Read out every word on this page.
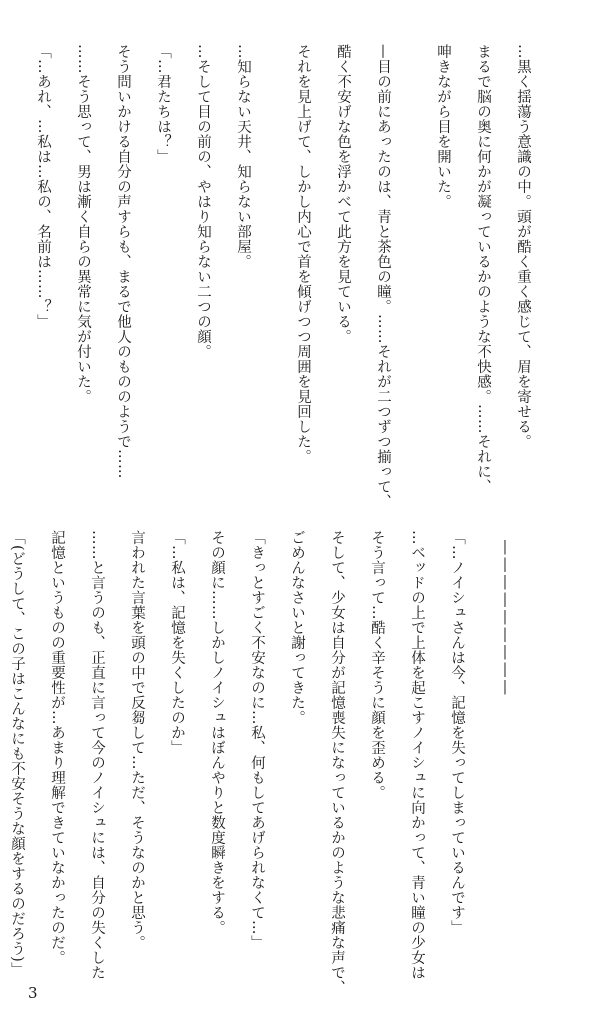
…黒く揺蕩う意識の中。頭が酷く重く感じて、眉を寄せる。
まるで脳の奥に何かが凝っているかのような不快感。……それに、
呻きながら目を開いた。
—目の前にあったのは、青と茶色の瞳。……それが二つずつ揃って、
酷く不安げな色を浮かべて此方を見ている。
それを見上げて、しかし内心で首を傾げつつ周囲を見回した。
…知らない天井、知らない部屋。
…そして目の前の、やはり知らない二つの顔。
「…君たちは？」
そう問いかける自分の声すらも、まるで他人のもののようで……
……そう思って、男は漸く自らの異常に気が付いた。
「…あれ、…私は…私の、名前は……？」
―――――――――
「…ノイシュさんは今、記憶を失ってしまっているんです」
…ベッドの上で上体を起こすノイシュに向かって、青い瞳の少女は
そう言って…酷く辛そうに顔を歪める。
そして、少女は自分が記憶喪失になっているかのような悲痛な声で、
ごめんなさいと謝ってきた。
「きっとすごく不安なのに…私、何もしてあげられなくて…」
その顔に……しかしノイシュはぼんやりと数度瞬きをする。
「…私は、記憶を失くしたのか」
言われた言葉を頭の中で反芻して…ただ、そうなのかと思う。
……と言うのも、正直に言って今のノイシュには、自分の失くした
記憶というものの重要性が…あまり理解できていなかったのだ。
「(どうして、この子はこんなにも不安そうな顔をするのだろう)」
3
